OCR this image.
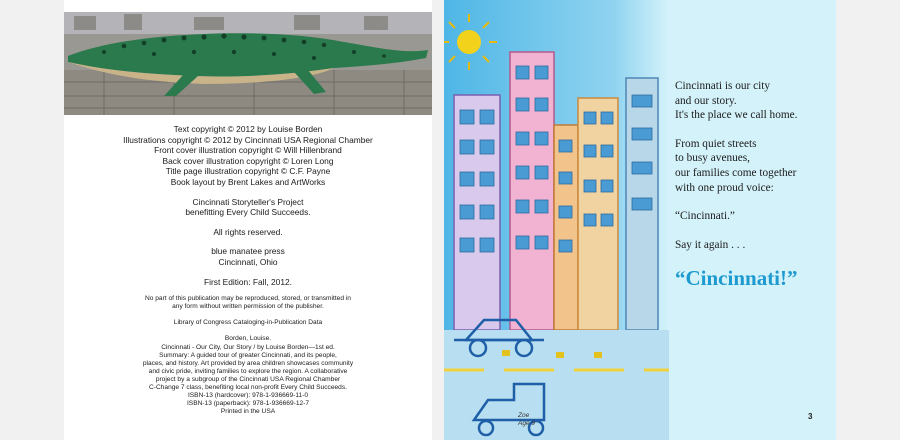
Text copyright © 2012 by Louise Borden
Illustrations copyright © 2012 by Cincinnati USA Regional Chamber
Front cover illustration copyright © Will Hillenbrand
Back cover illustration copyright © Loren Long
Title page illustration copyright © C.F. Payne
Book layout by Brent Lakes and ArtWorks
Cincinnati Storyteller's Project
benefitting Every Child Succeeds.
All rights reserved.
blue manatee press
Cincinnati, Ohio
First Edition: Fall, 2012.
No part of this publication may be reproduced, stored, or transmitted in
any form without written permission of the publisher.
Library of Congress Cataloging-in-Publication Data
Borden, Louise.
Cincinnati - Our City, Our Story / by Louise Borden—1st ed.
Summary: A guided tour of greater Cincinnati, and its people,
places, and history. Art provided by area children showcases community
and civic pride, inviting families to explore the region. A collaborative
project by a subgroup of the Cincinnati USA Regional Chamber
C-Change 7 class, benefiting local non-profit Every Child Succeeds.
ISBN-13 (hardcover): 978-1-936669-11-0
ISBN-13 (paperback): 978-1-936669-12-7
Printed in the USA
Zoe
Age 9
Cincinnati is our city
and our story.
It's the place we call home.
From quiet streets
to busy avenues,
our families come together
with one proud voice:
“Cincinnati.”
Say it again . . .
“Cincinnati!”
3
